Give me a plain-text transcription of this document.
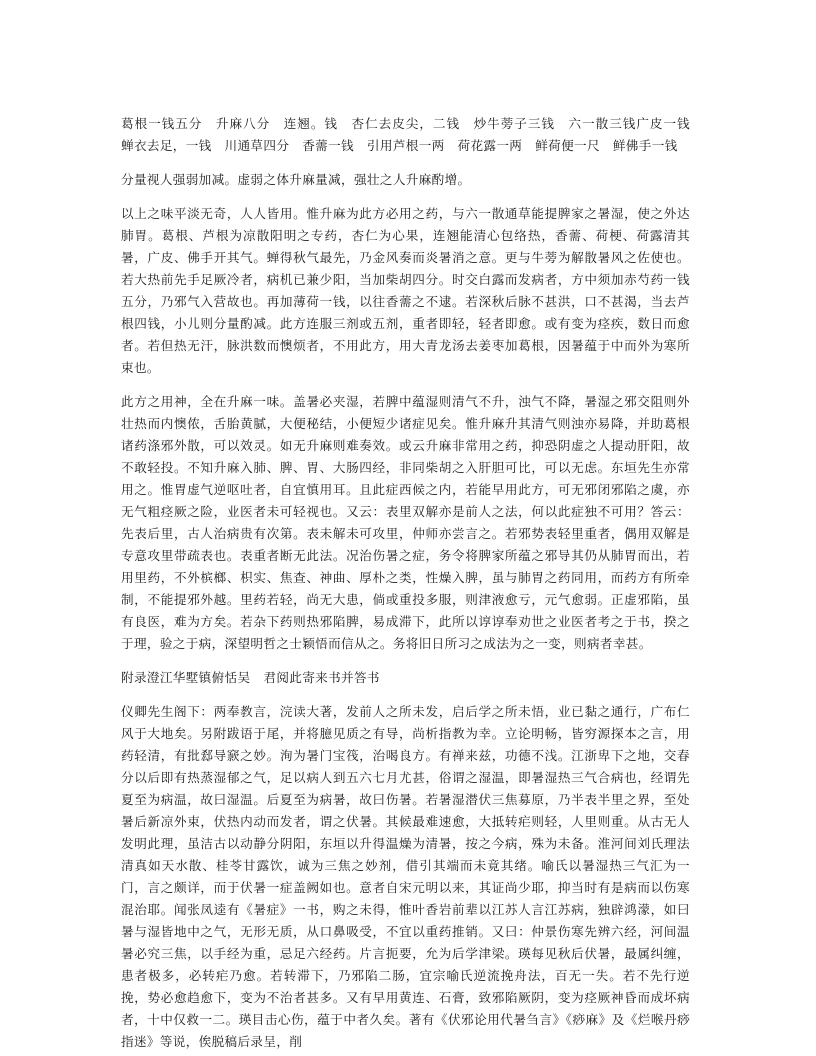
葛根一钱五分　升麻八分　连翘。钱　杏仁去皮尖，二钱　炒牛蒡子三钱　六一散三钱广皮一钱　蝉衣去足，一钱　川通草四分　香薷一钱　引用芦根一两　荷花露一两　鲜荷便一尺　鲜佛手一钱

分量视人强弱加减。虚弱之体升麻量减，强壮之人升麻酌增。

以上之味平淡无奇，人人皆用。惟升麻为此方必用之药，与六一散通草能提脾家之暑湿，使之外达肺胃。葛根、芦根为凉散阳明之专药，杏仁为心果，连翘能清心包络热，香薷、荷梗、荷露清其暑，广皮、佛手开其气。蝉得秋气最先，乃金风奏而炎暑消之意。更与牛蒡为解散暑风之佐使也。若大热前先手足厥冷者，病机已兼少阳，当加柴胡四分。时交白露而发病者，方中须加赤芍药一钱五分，乃邪气入营故也。再加薄荷一钱，以往香薷之不逮。若深秋后脉不甚洪，口不甚渴，当去芦根四钱，小儿则分量酌减。此方连服三剂或五剂，重者即轻，轻者即愈。或有变为痉疾，数日而愈者。若但热无汗，脉洪数而懊烦者，不用此方，用大青龙汤去姜枣加葛根，因暑蕴于中而外为寒所束也。

此方之用神，全在升麻一味。盖暑必夹湿，若脾中蕴湿则清气不升，浊气不降，暑湿之邪交阻则外壮热而内懊侬，舌胎黄腻，大便秘结，小便短少诸症见矣。惟升麻升其清气则浊亦易降，并助葛根诸药涤邪外散，可以效灵。如无升麻则难奏效。或云升麻非常用之药，抑恐阴虚之人提动肝阳，故不敢轻投。不知升麻入肺、脾、胃、大肠四经，非同柴胡之入肝胆可比，可以无虑。东垣先生亦常用之。惟胃虚气逆呕吐者，自宜慎用耳。且此症西候之内，若能早用此方，可无邪闭邪陷之虞，亦无气粗痉厥之险，业医者未可轻视也。又云：表里双解亦是前人之法，何以此症独不可用？答云：先表后里，古人治病贵有次第。表未解未可攻里，仲师亦尝言之。若邪势表轻里重者，偶用双解是专意攻里带疏表也。表重者断无此法。况治伤暑之症，务令将脾家所蕴之邪导其仍从肺胃而出，若用里药，不外槟榔、枳实、焦查、神曲、厚朴之类，性燥入脾，虽与肺胃之药同用，而药方有所牵制，不能提邪外越。里药若轻，尚无大患，倘或重投多服，则津液愈亏，元气愈弱。正虚邪陷，虽有良医，难为方矣。若杂下药则热邪陷脾，易成滞下，此所以谆谆奉劝世之业医者考之于书，揆之于理，验之于病，深望明哲之士颖悟而信从之。务将旧日所习之成法为之一变，则病者幸甚。

附录澄江华墅镇俯恬吴　君阅此寄来书并答书

仪卿先生阁下：两奉教言，浣读大著，发前人之所未发，启后学之所未悟，业已黏之通行，广布仁风于大地矣。另附跋语于尾，并将臆见质之有导，尚析指教为幸。立论明畅，皆穷源探本之言，用药轻清，有批郄导窾之妙。洵为暑门宝筏，治喝良方。有禅来兹，功德不浅。江浙卑下之地，交春分以后即有热蒸湿郁之气，足以病人到五六七月尤甚，俗谓之湿温，即暑湿热三气合病也，经谓先夏至为病温，故曰湿温。后夏至为病暑，故曰伤暑。若暑湿潜伏三焦募原，乃半表半里之界，至处暑后新凉外束，伏热内动而发者，谓之伏暑。其候最难速愈，大抵转疟则轻，人里则重。从古无人发明此理，虽洁古以动静分阴阳，东垣以升得温燥为清暑，按之今病，殊为未备。淮河间刘氏理法清真如天水散、桂苓甘露饮，诚为三焦之妙剂，借引其端而未竟其绪。喻氏以暑湿热三气汇为一门，言之颇详，而于伏暑一症盖阙如也。意者自宋元明以来，其证尚少耶，抑当时有是病而以伤寒混治耶。闻张凤逵有《暑症》一书，购之未得，惟叶香岩前辈以江苏人言江苏病，独辟鸿濛，如曰暑与湿皆地中之气，无形无质，从口鼻吸受，不宜以重药推销。又曰：仲景伤寒先辨六经，河间温暑必究三焦，以手经为重，忌足六经药。片言扼要，允为后学津梁。瑛每见秋后伏暑，最属纠缠，患者极多，必转疟乃愈。若转滞下，乃邪陷二肠，宜宗喻氏逆流挽舟法，百无一失。若不先行逆挽，势必愈趋愈下，变为不治者甚多。又有早用黄连、石膏，致邪陷厥阴，变为痉厥神昏而成坏病者，十中仅救一二。瑛目击心伤，蕴于中者久矣。著有《伏邪论用代暑刍言》《痧麻》及《烂喉丹痧指迷》等说，俟脱稿后录呈，削
